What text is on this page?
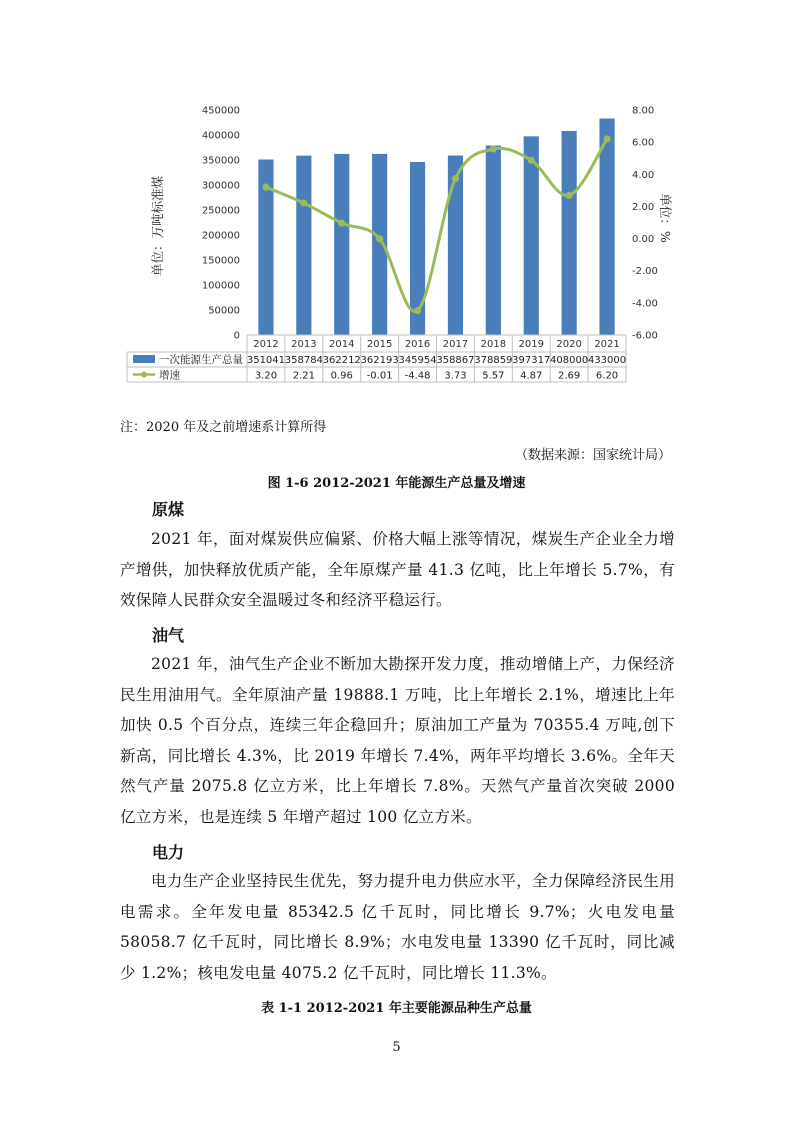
0
50000
100000
150000
200000
250000
300000
350000
400000
450000
-6.00
-4.00
-2.00
0.00
2.00
4.00
6.00
8.00
2012 2013 2014 2015 2016 2017 2018 2019 2020 2021
一次能源生产总量
增速
351041 358784 362212 362193 345954 358867 378859 397317 408000 433000
3.20 2.21 0.96 -0.01 -4.48 3.73 5.57 4.87 2.69 6.20
单位：万吨标准煤	单位：%
注：2020 年及之前增速系计算所得
（数据来源：国家统计局）
图 1-6 2012-2021 年能源生产总量及增速
原煤
2021 年，面对煤炭供应偏紧、价格大幅上涨等情况，煤炭生产企业全力增产增供，加快释放优质产能，全年原煤产量 41.3 亿吨，比上年增长 5.7%，有效保障人民群众安全温暖过冬和经济平稳运行。
油气
2021 年，油气生产企业不断加大勘探开发力度，推动增储上产，力保经济民生用油用气。全年原油产量 19888.1 万吨，比上年增长 2.1%，增速比上年加快 0.5 个百分点，连续三年企稳回升；原油加工产量为 70355.4 万吨,创下新高，同比增长 4.3%，比 2019 年增长 7.4%，两年平均增长 3.6%。全年天然气产量 2075.8 亿立方米，比上年增长 7.8%。天然气产量首次突破 2000 亿立方米，也是连续 5 年增产超过 100 亿立方米。
电力
电力生产企业坚持民生优先，努力提升电力供应水平，全力保障经济民生用电需求。全年发电量 85342.5 亿千瓦时，同比增长 9.7%；火电发电量 58058.7 亿千瓦时，同比增长 8.9%；水电发电量 13390 亿千瓦时，同比减少 1.2%；核电发电量 4075.2 亿千瓦时，同比增长 11.3%。
表 1-1 2012-2021 年主要能源品种生产总量
5
